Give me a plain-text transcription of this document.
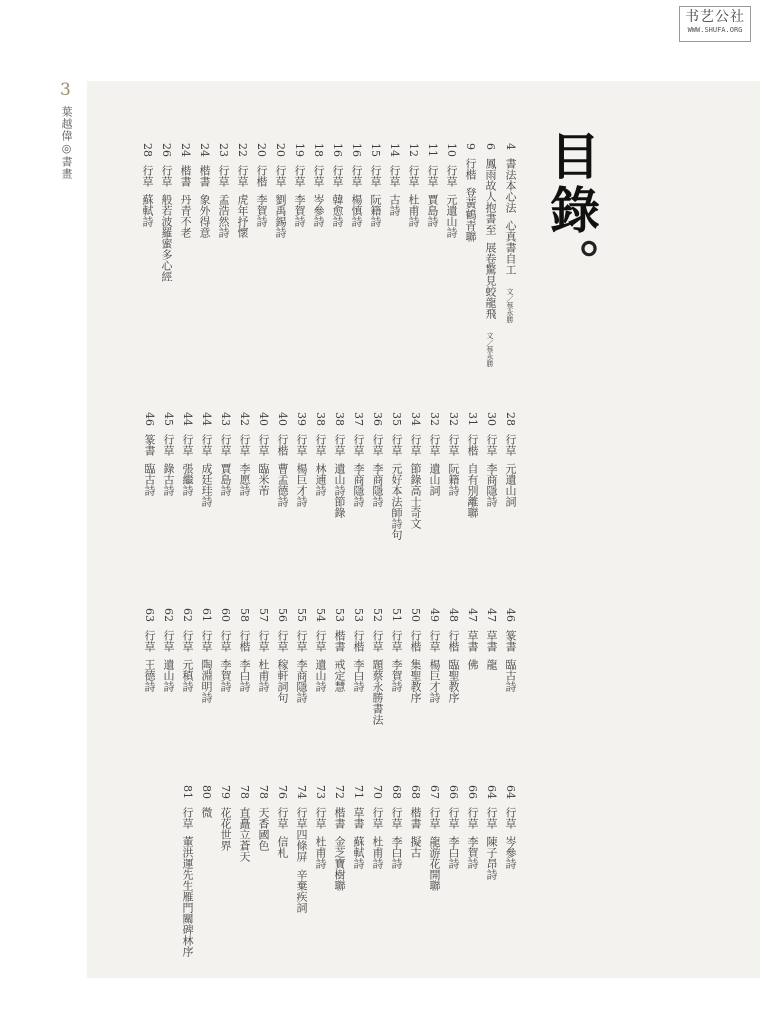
书艺公社
WWW.SHUFA.ORG
3
葉越偉◎書畫	目錄。
4書法本心法心真書自工文／蔡永勝
6鳳雨故人抱書至展卷驚見蛟龍飛文／蔡永勝
9行楷登黃鶴青聯
10行草元遺山詩
11行草賈島詩
12行草杜甫詩
14行草古詩
15行草阮籍詩
16行草楊慎詩
16行草韓愈詩
18行草岑參詩
19行草李賀詩
20行草劉禹錫詩
20行楷李賀詩
22行草虎年抒懷
23行草孟浩然詩
24楷書象外得意
24楷書丹青不老
26行草般若波羅蜜多心經
28行草蘇軾詩
28行草元遺山詞
30行草李商隱詩
31行楷自有別離聯
32行草阮籍詩
32行草遺山詞
34行草節錄高士奇文
35行草元好本法師詩句
36行草李商隱詩
37行草李商隱詩
38行草遺山詩節錄
38行草林逋詩
39行草楊巨才詩
40行楷曹孟德詩
40行草臨米芾
42行草李愿詩
43行草賈島詩
44行草成廷珪詩
44行草張繼詩
45行草錄古詩
46篆書臨古詩
46篆書臨古詩
47草書龍
47草書佛
48行楷臨聖教序
49行草楊巨才詩
50行楷集聖教序
51行草李賀詩
52行草題蔡永勝書法
53行楷李白詩
53楷書戒定慧
54行草遺山詩
55行草李商隱詩
56行草稼軒詞句
57行草杜甫詩
58行楷李白詩
60行草李賀詩
61行草陶淵明詩
62行草元稹詩
62行草遺山詩
63行草王德詩
64行草岑參詩
64行草陳子昂詩
66行草李賀詩
66行草李白詩
67行草龍游花開聯
68楷書擬古
68行草李白詩
70行草杜甫詩
71草書蘇軾詩
72楷書金芝寶樹聯
73行草杜甫詩
74行草四條屏辛棄疾詞
76行草信札
78天香國色
78直矗立蒼天
79花花世界
80微
81行草董洪運先生雁門關碑林序
